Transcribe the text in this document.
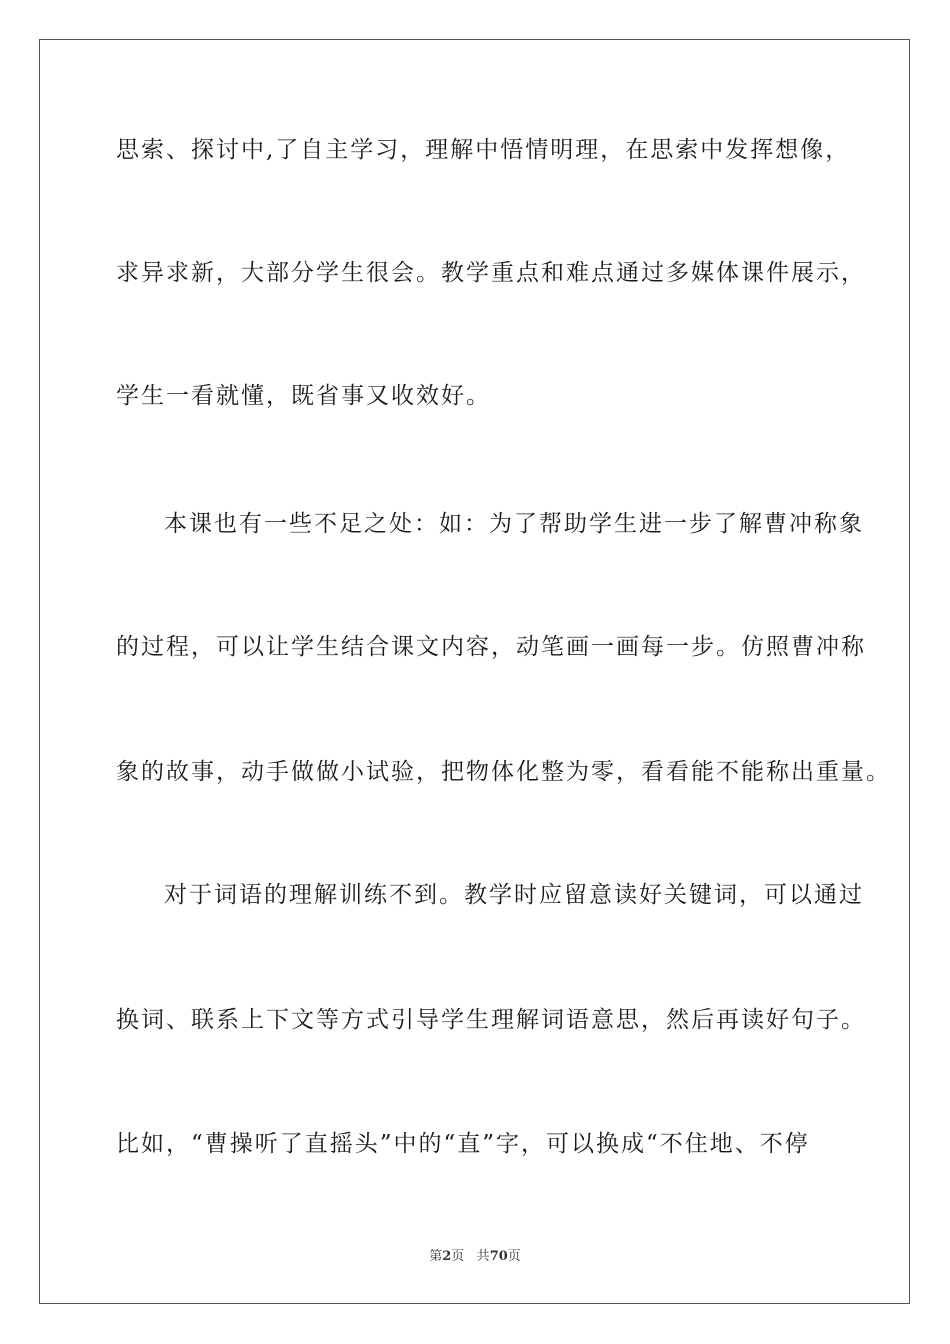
思索、探讨中,了自主学习，理解中悟情明理，在思索中发挥想像，
求异求新，大部分学生很会。教学重点和难点通过多媒体课件展示，
学生一看就懂，既省事又收效好。
本课也有一些不足之处：如：为了帮助学生进一步了解曹冲称象
的过程，可以让学生结合课文内容，动笔画一画每一步。仿照曹冲称
象的故事，动手做做小试验，把物体化整为零，看看能不能称出重量。
对于词语的理解训练不到。教学时应留意读好关键词，可以通过
换词、联系上下文等方式引导学生理解词语意思，然后再读好句子。
比如，“曹操听了直摇头”中的“直”字，可以换成“不住地、不停
第2页 共70页
